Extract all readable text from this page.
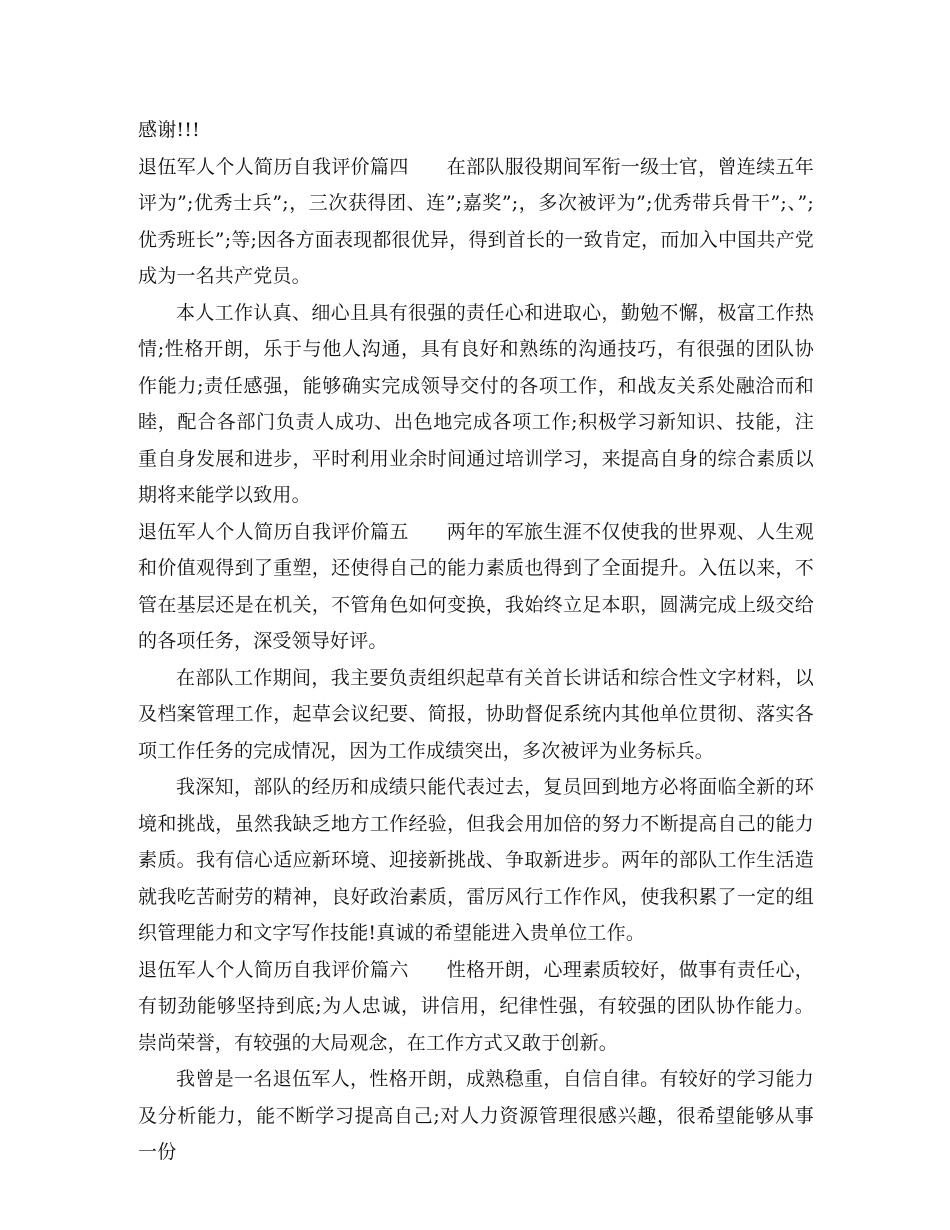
感谢!!!

退伍军人个人简历自我评价篇四 在部队服役期间军衔一级士官，曾连续五年评为”;优秀士兵”;，三次获得团、连”;嘉奖”;，多次被评为”;优秀带兵骨干”;、”;优秀班长”;等;因各方面表现都很优异，得到首长的一致肯定，而加入中国共产党成为一名共产党员。

本人工作认真、细心且具有很强的责任心和进取心，勤勉不懈，极富工作热情;性格开朗，乐于与他人沟通，具有良好和熟练的沟通技巧，有很强的团队协作能力;责任感强，能够确实完成领导交付的各项工作，和战友关系处融洽而和睦，配合各部门负责人成功、出色地完成各项工作;积极学习新知识、技能，注重自身发展和进步，平时利用业余时间通过培训学习，来提高自身的综合素质以期将来能学以致用。

退伍军人个人简历自我评价篇五 两年的军旅生涯不仅使我的世界观、人生观和价值观得到了重塑，还使得自己的能力素质也得到了全面提升。入伍以来，不管在基层还是在机关，不管角色如何变换，我始终立足本职，圆满完成上级交给的各项任务，深受领导好评。

在部队工作期间，我主要负责组织起草有关首长讲话和综合性文字材料，以及档案管理工作，起草会议纪要、简报，协助督促系统内其他单位贯彻、落实各项工作任务的完成情况，因为工作成绩突出，多次被评为业务标兵。

我深知，部队的经历和成绩只能代表过去，复员回到地方必将面临全新的环境和挑战，虽然我缺乏地方工作经验，但我会用加倍的努力不断提高自己的能力素质。我有信心适应新环境、迎接新挑战、争取新进步。两年的部队工作生活造就我吃苦耐劳的精神，良好政治素质，雷厉风行工作作风，使我积累了一定的组织管理能力和文字写作技能!真诚的希望能进入贵单位工作。

退伍军人个人简历自我评价篇六 性格开朗，心理素质较好，做事有责任心，有韧劲能够坚持到底;为人忠诚，讲信用，纪律性强，有较强的团队协作能力。崇尚荣誉，有较强的大局观念，在工作方式又敢于创新。

我曾是一名退伍军人，性格开朗，成熟稳重，自信自律。有较好的学习能力及分析能力，能不断学习提高自己;对人力资源管理很感兴趣，很希望能够从事一份
